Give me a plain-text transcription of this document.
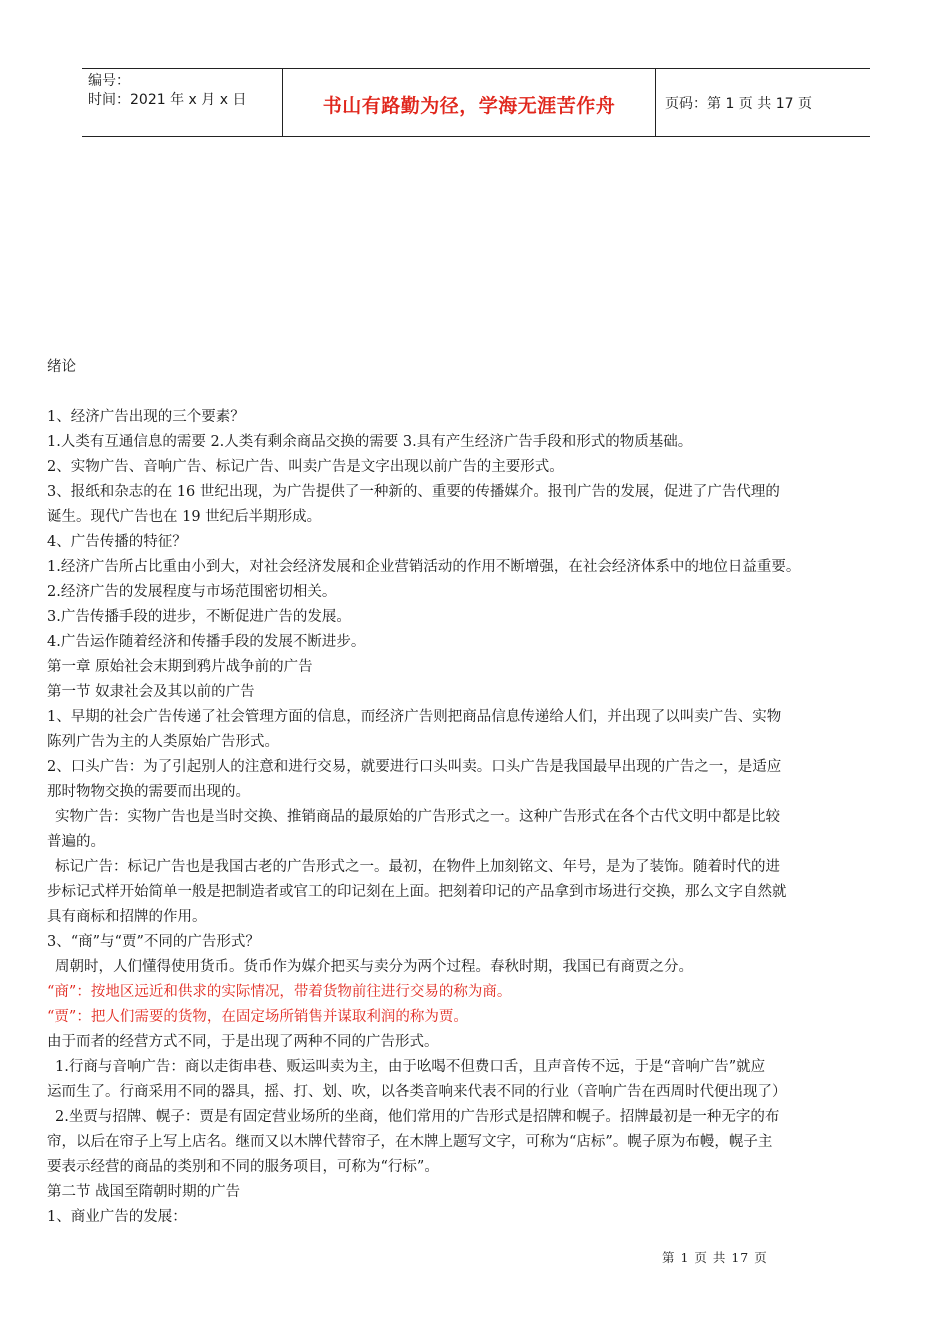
编号：
时间：2021 年 x 月 x 日	书山有路勤为径，学海无涯苦作舟	页码：第 1 页 共 17 页

绪论

1、经济广告出现的三个要素？

1.人类有互通信息的需要 2.人类有剩余商品交换的需要 3.具有产生经济广告手段和形式的物质基础。

2、实物广告、音响广告、标记广告、叫卖广告是文字出现以前广告的主要形式。

3、报纸和杂志的在 16 世纪出现，为广告提供了一种新的、重要的传播媒介。报刊广告的发展，促进了广告代理的

诞生。现代广告也在 19 世纪后半期形成。

4、广告传播的特征？

1.经济广告所占比重由小到大，对社会经济发展和企业营销活动的作用不断增强，在社会经济体系中的地位日益重要。

2.经济广告的发展程度与市场范围密切相关。

3.广告传播手段的进步，不断促进广告的发展。

4.广告运作随着经济和传播手段的发展不断进步。

第一章 原始社会末期到鸦片战争前的广告

第一节 奴隶社会及其以前的广告

1、早期的社会广告传递了社会管理方面的信息，而经济广告则把商品信息传递给人们，并出现了以叫卖广告、实物

陈列广告为主的人类原始广告形式。

2、口头广告：为了引起别人的注意和进行交易，就要进行口头叫卖。口头广告是我国最早出现的广告之一，是适应

那时物物交换的需要而出现的。

实物广告：实物广告也是当时交换、推销商品的最原始的广告形式之一。这种广告形式在各个古代文明中都是比较

普遍的。

标记广告：标记广告也是我国古老的广告形式之一。最初，在物件上加刻铭文、年号，是为了装饰。随着时代的进

步标记式样开始简单一般是把制造者或官工的印记刻在上面。把刻着印记的产品拿到市场进行交换，那么文字自然就

具有商标和招牌的作用。

3、“商”与“贾”不同的广告形式？

周朝时，人们懂得使用货币。货币作为媒介把买与卖分为两个过程。春秋时期，我国已有商贾之分。

“商”：按地区远近和供求的实际情况，带着货物前往进行交易的称为商。

“贾”：把人们需要的货物，在固定场所销售并谋取利润的称为贾。

由于而者的经营方式不同，于是出现了两种不同的广告形式。

1.行商与音响广告：商以走街串巷、贩运叫卖为主，由于吆喝不但费口舌，且声音传不远，于是“音响广告”就应

运而生了。行商采用不同的器具，摇、打、划、吹，以各类音响来代表不同的行业（音响广告在西周时代便出现了）

2.坐贾与招牌、幌子：贾是有固定营业场所的坐商，他们常用的广告形式是招牌和幌子。招牌最初是一种无字的布

帘，以后在帘子上写上店名。继而又以木牌代替帘子，在木牌上题写文字，可称为“店标”。幌子原为布幔，幌子主

要表示经营的商品的类别和不同的服务项目，可称为“行标”。

第二节 战国至隋朝时期的广告

1、商业广告的发展：

第 1 页 共 17 页
